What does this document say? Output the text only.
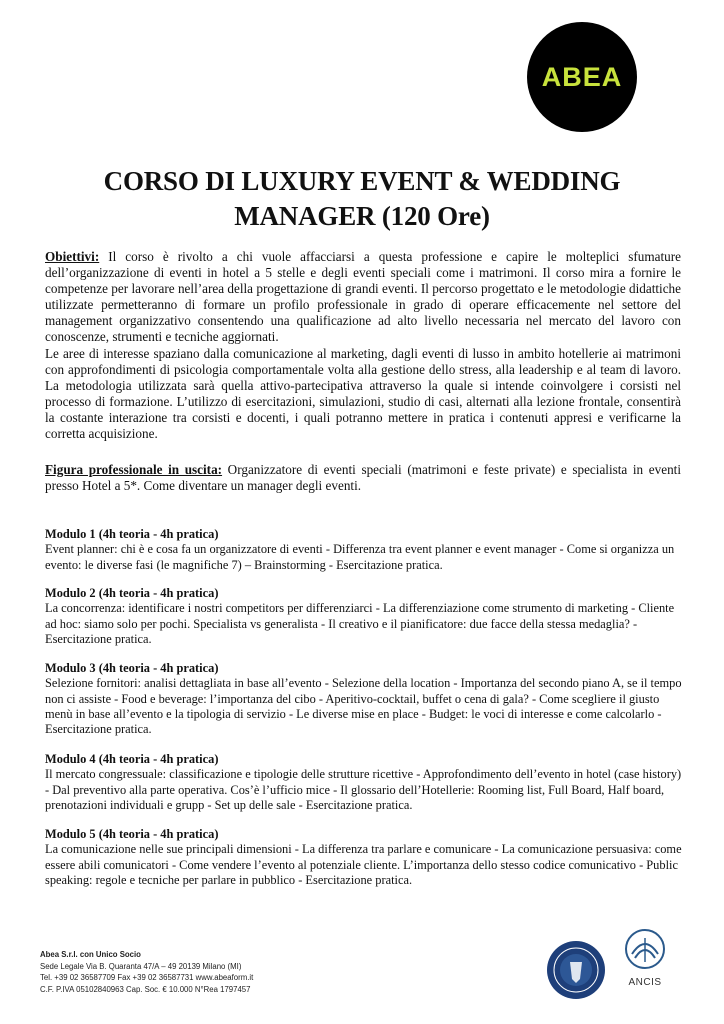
ABEA
CORSO DI LUXURY EVENT & WEDDING
MANAGER (120 Ore)

Obiettivi: Il corso è rivolto a chi vuole affacciarsi a questa professione e capire le molteplici sfumature dell’organizzazione di eventi in hotel a 5 stelle e degli eventi speciali come i matrimoni. Il corso mira a fornire le competenze per lavorare nell’area della progettazione di grandi eventi. Il percorso progettato e le metodologie didattiche utilizzate permetteranno di formare un profilo professionale in grado di operare efficacemente nel settore del management organizzativo consentendo una qualificazione ad alto livello necessaria nel mercato del lavoro con conoscenze, strumenti e tecniche aggiornati.

Le aree di interesse spaziano dalla comunicazione al marketing, dagli eventi di lusso in ambito hotellerie ai matrimoni con approfondimenti di psicologia comportamentale volta alla gestione dello stress, alla leadership e al team di lavoro. La metodologia utilizzata sarà quella attivo-partecipativa attraverso la quale si intende coinvolgere i corsisti nel processo di formazione. L’utilizzo di esercitazioni, simulazioni, studio di casi, alternati alla lezione frontale, consentirà la costante interazione tra corsisti e docenti, i quali potranno mettere in pratica i contenuti appresi e verificarne la corretta acquisizione.

Figura professionale in uscita: Organizzatore di eventi speciali (matrimoni e feste private) e specialista in eventi presso Hotel a 5*. Come diventare un manager degli eventi.

Modulo 1 (4h teoria - 4h pratica)
Event planner: chi è e cosa fa un organizzatore di eventi - Differenza tra event planner e event manager - Come si organizza un evento: le diverse fasi (le magnifiche 7) – Brainstorming - Esercitazione pratica.
Modulo 2 (4h teoria - 4h pratica)
La concorrenza: identificare i nostri competitors per differenziarci - La differenziazione come strumento di marketing - Cliente ad hoc: siamo solo per pochi. Specialista vs generalista - Il creativo e il pianificatore: due facce della stessa medaglia? - Esercitazione pratica.
Modulo 3 (4h teoria - 4h pratica)
Selezione fornitori: analisi dettagliata in base all’evento - Selezione della location - Importanza del secondo piano A, se il tempo non ci assiste - Food e beverage: l’importanza del cibo - Aperitivo-cocktail, buffet o cena di gala? - Come scegliere il giusto menù in base all’evento e la tipologia di servizio - Le diverse mise en place - Budget: le voci di interesse e come calcolarlo - Esercitazione pratica.
Modulo 4 (4h teoria - 4h pratica)
Il mercato congressuale: classificazione e tipologie delle strutture ricettive - Approfondimento dell’evento in hotel (case history) - Dal preventivo alla parte operativa. Cos’è l’ufficio mice - Il glossario dell’Hotellerie: Rooming list, Full Board, Half board, prenotazioni individuali e grupp - Set up delle sale - Esercitazione pratica.
Modulo 5 (4h teoria - 4h pratica)
La comunicazione nelle sue principali dimensioni - La differenza tra parlare e comunicare - La comunicazione persuasiva: come essere abili comunicatori - Come vendere l’evento al potenziale cliente. L’importanza dello stesso codice comunicativo - Public speaking: regole e tecniche per parlare in pubblico - Esercitazione pratica.
Abea S.r.l. con Unico Socio
Sede Legale Via B. Quaranta 47/A – 49 20139 Milano (MI)
Tel. +39 02 36587709 Fax +39 02 36587731 www.abeaform.it
C.F. P.IVA 05102840963 Cap. Soc. € 10.000 N°Rea 1797457
ANCIS
